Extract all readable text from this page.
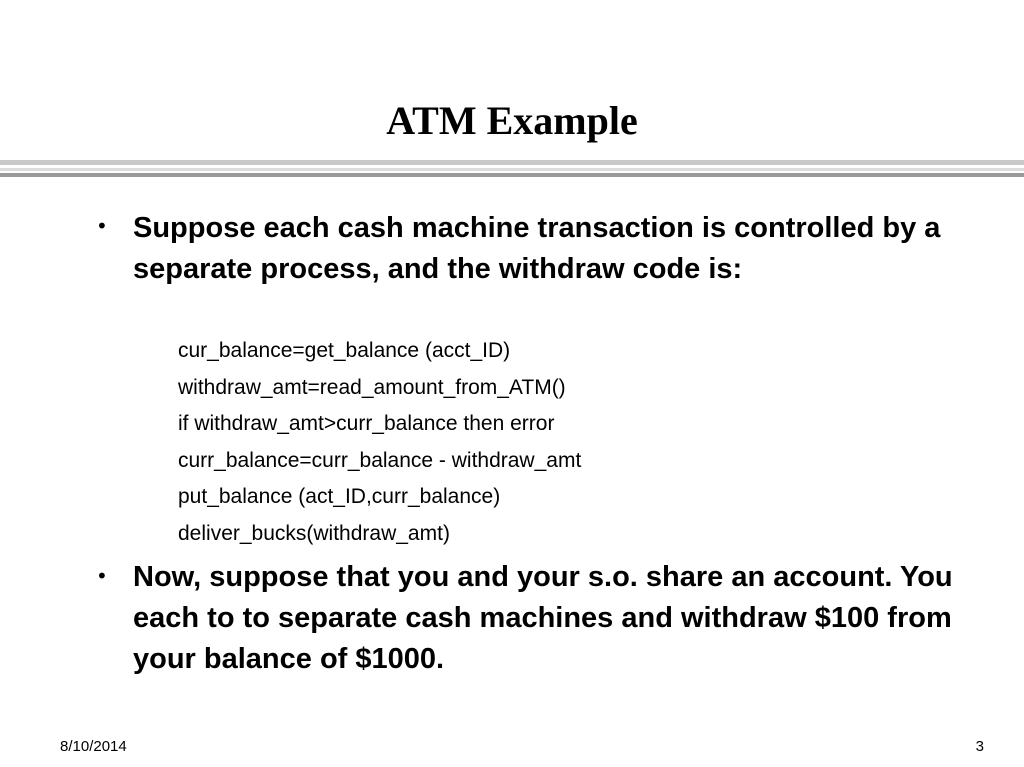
ATM Example
• Suppose each cash machine transaction is controlled by a separate process, and the withdraw code is:

cur_balance=get_balance (acct_ID)
withdraw_amt=read_amount_from_ATM()
if withdraw_amt>curr_balance then error
curr_balance=curr_balance - withdraw_amt
put_balance (act_ID,curr_balance)
deliver_bucks(withdraw_amt)
• Now, suppose that you and your s.o. share an account. You each to to separate cash machines and withdraw $100 from your balance of $1000.

8/10/2014	3
